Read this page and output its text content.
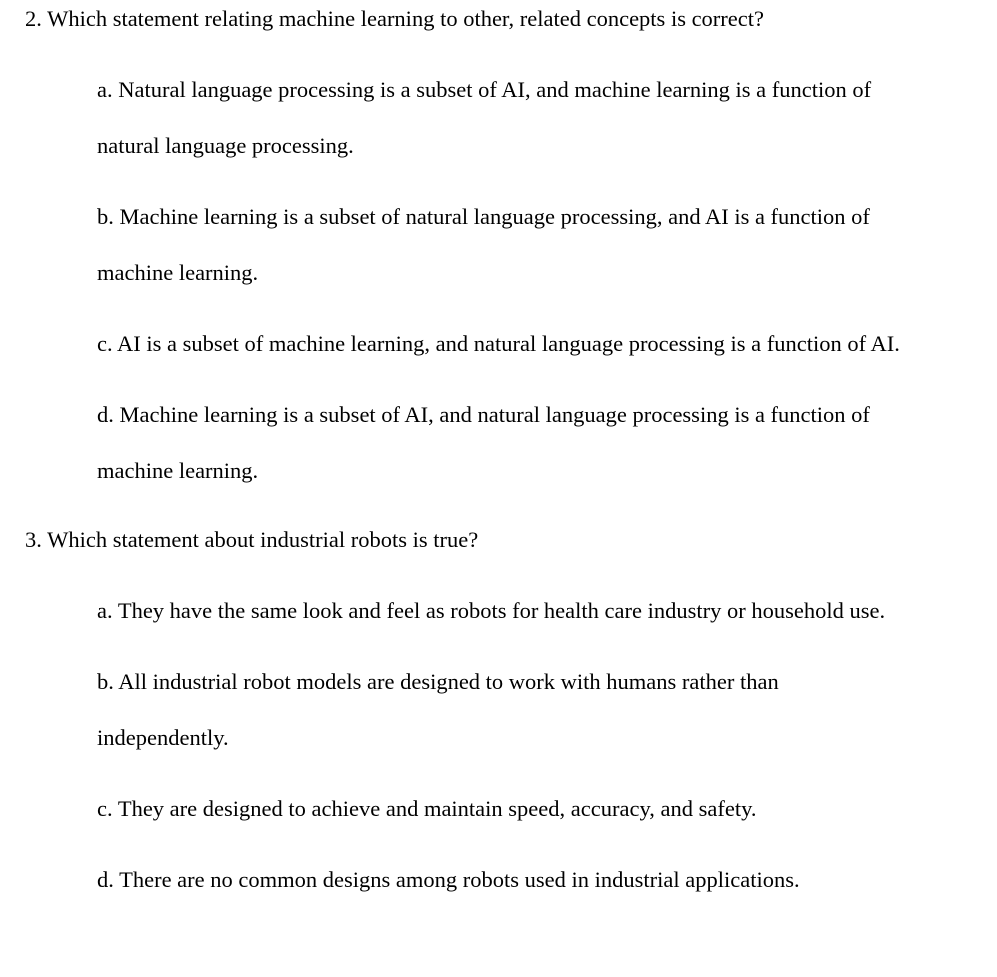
2. Which statement relating machine learning to other, related concepts is correct?

a. Natural language processing is a subset of AI, and machine learning is a function of
natural language processing.
b. Machine learning is a subset of natural language processing, and AI is a function of
machine learning.
c. AI is a subset of machine learning, and natural language processing is a function of AI.
d. Machine learning is a subset of AI, and natural language processing is a function of
machine learning.

3. Which statement about industrial robots is true?

a. They have the same look and feel as robots for health care industry or household use.
b. All industrial robot models are designed to work with humans rather than
independently.
c. They are designed to achieve and maintain speed, accuracy, and safety.
d. There are no common designs among robots used in industrial applications.
